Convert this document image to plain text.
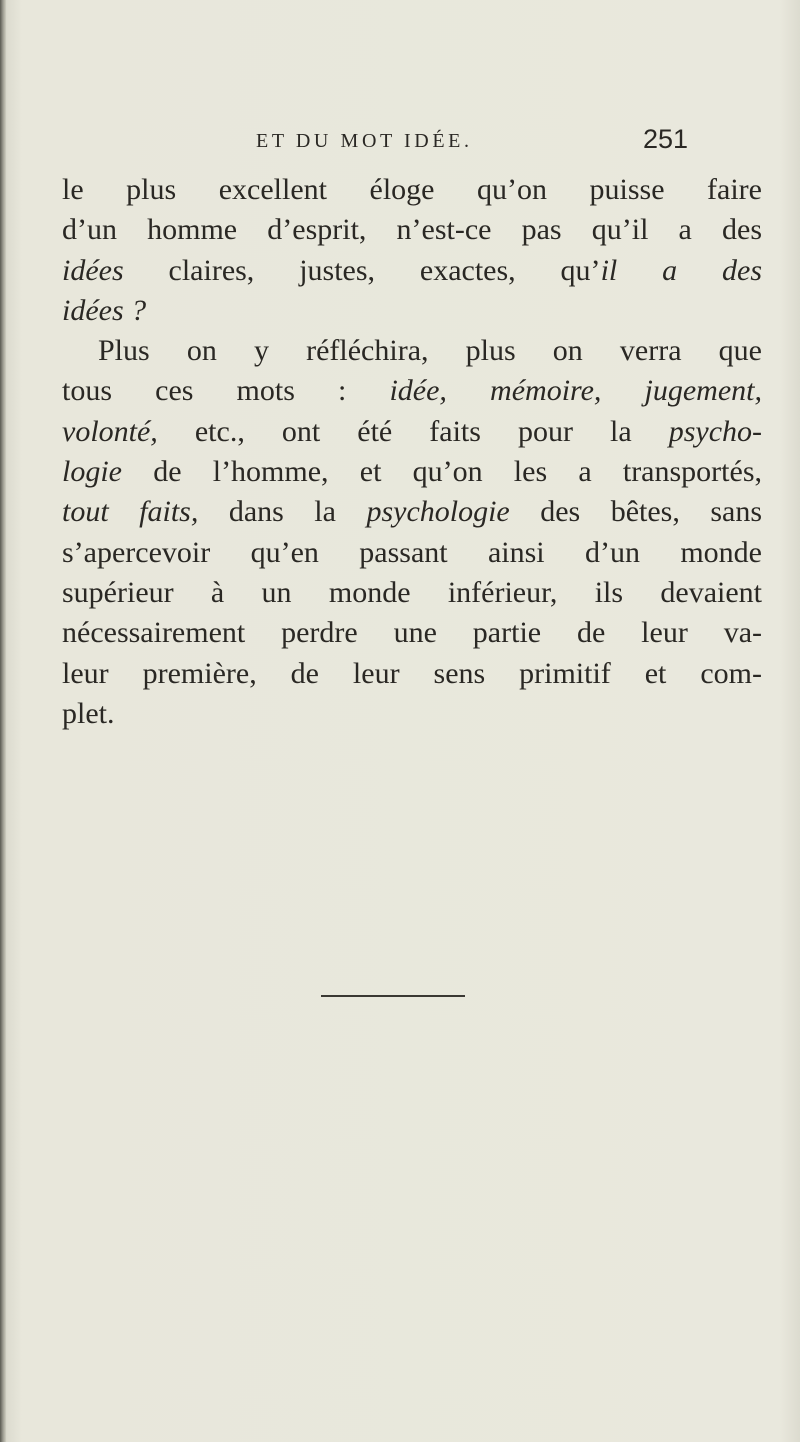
ET DU MOT IDÉE.	251
le plus excellent éloge qu’on puisse faire
d’un homme d’esprit, n’est-ce pas qu’il a des
idées claires, justes, exactes, qu’il a des
idées ?
Plus on y réfléchira, plus on verra que
tous ces mots : idée, mémoire, jugement,
volonté, etc., ont été faits pour la psycho-
logie de l’homme, et qu’on les a transportés,
tout faits, dans la psychologie des bêtes, sans
s’apercevoir qu’en passant ainsi d’un monde
supérieur à un monde inférieur, ils devaient
nécessairement perdre une partie de leur va-
leur première, de leur sens primitif et com-
plet.
